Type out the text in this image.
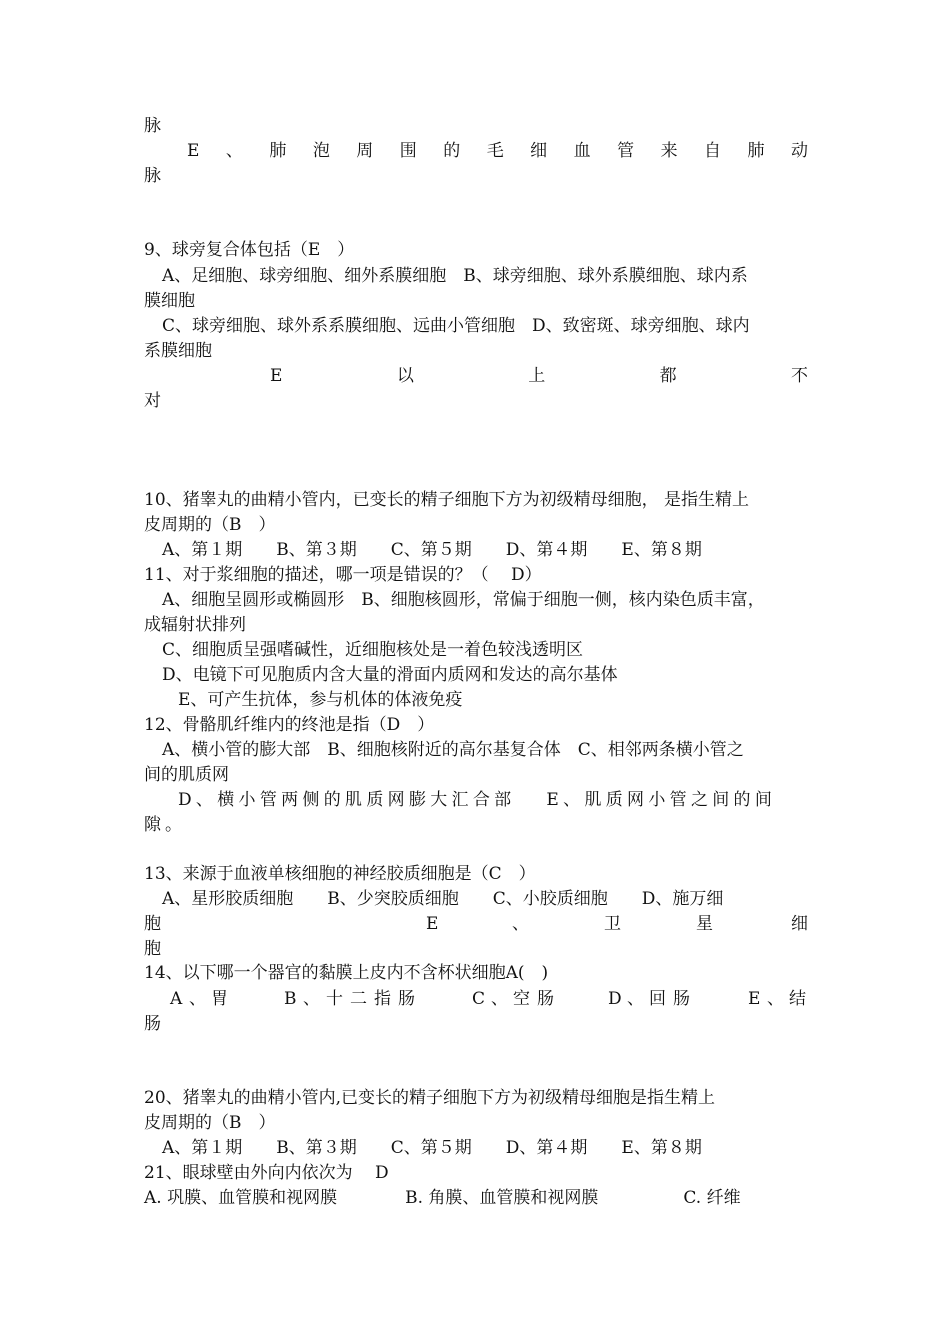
脉
E 、 肺 泡 周 围 的 毛 细 血 管 来 自 肺 动
脉
9、球旁复合体包括（E　）
A、足细胞、球旁细胞、细外系膜细胞　B、球旁细胞、球外系膜细胞、球内系
膜细胞
C、球旁细胞、球外系系膜细胞、远曲小管细胞　D、致密斑、球旁细胞、球内
系膜细胞
E	以	上	都	不
对
10、猪睾丸的曲精小管内，已变长的精子细胞下方为初级精母细胞， 是指生精上
皮周期的（B　）
A、第１期　　B、第３期　　C、第５期　　D、第４期　　E、第８期
11、对于浆细胞的描述，哪一项是错误的？（　 D）
A、细胞呈圆形或椭圆形　B、细胞核圆形，常偏于细胞一侧，核内染色质丰富，
成辐射状排列
C、细胞质呈强嗜碱性，近细胞核处是一着色较浅透明区
D、电镜下可见胞质内含大量的滑面内质网和发达的高尔基体
E、可产生抗体，参与机体的体液免疫
12、骨骼肌纤维内的终池是指（D　）
A、横小管的膨大部　B、细胞核附近的高尔基复合体　C、相邻两条横小管之
间的肌质网
D、横小管两侧的肌质网膨大汇合部　 E、肌质网小管之间的间
隙。
13、来源于血液单核细胞的神经胶质细胞是（C　）
A、星形胶质细胞　　B、少突胶质细胞　　C、小胶质细胞　　D、施万细
胞	E	、	卫	星	细
胞
14、以下哪一个器官的黏膜上皮内不含杯状细胞A(　)
A 、 胃	B 、 十 二 指 肠	C 、 空 肠	D 、 回 肠	E 、 结
肠
20、猪睾丸的曲精小管内,已变长的精子细胞下方为初级精母细胞是指生精上
皮周期的（B　）
A、第１期　　B、第３期　　C、第５期　　D、第４期　　E、第８期
21、眼球壁由外向内依次为　 D
A. 巩膜、血管膜和视网膜　　　　B. 角膜、血管膜和视网膜　　　　　C. 纤维
